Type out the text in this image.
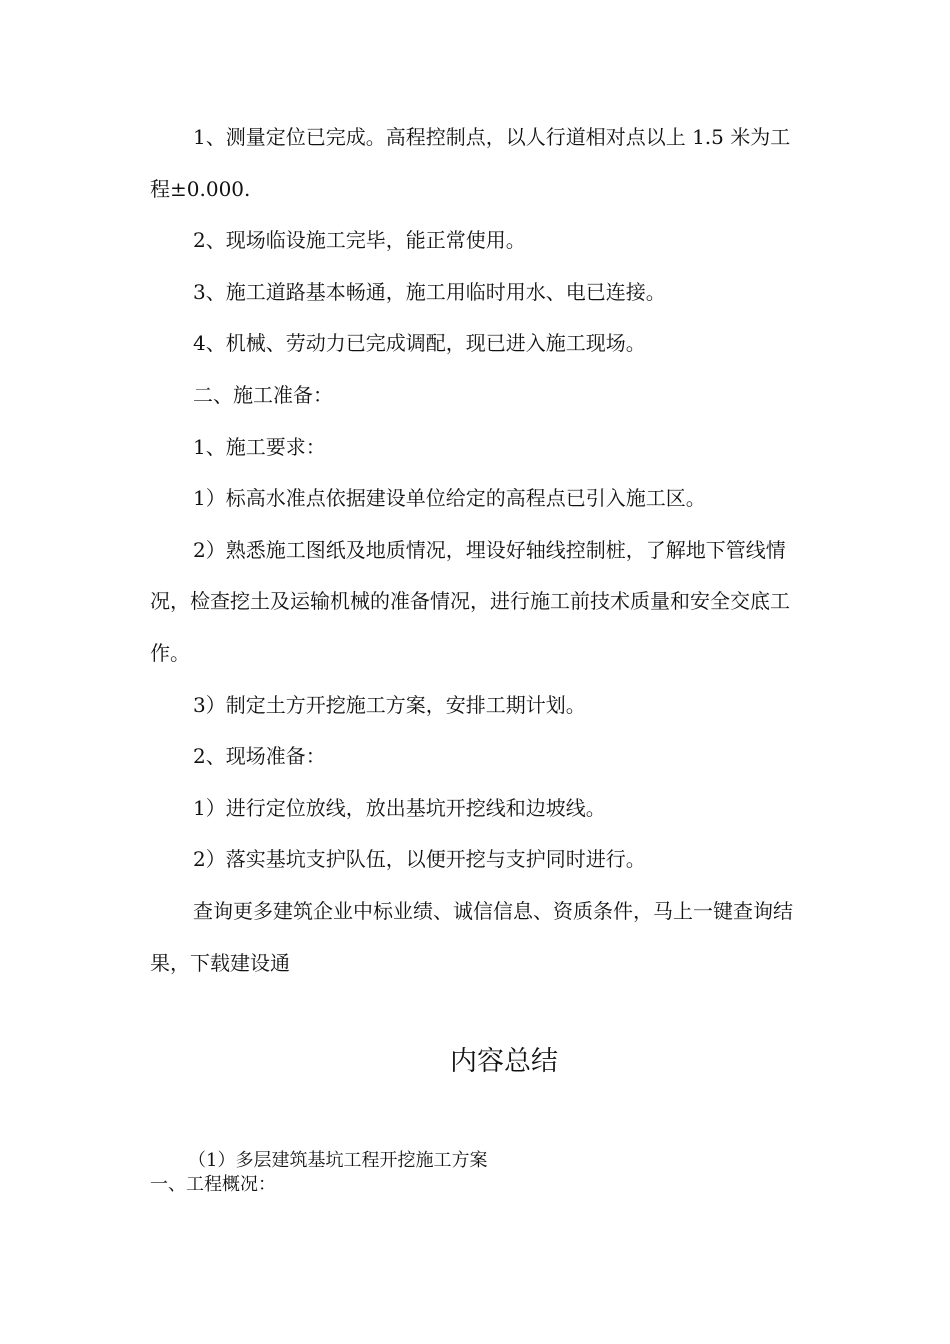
1、测量定位已完成。高程控制点，以人行道相对点以上 1.5 米为工程±0.000.

2、现场临设施工完毕，能正常使用。

3、施工道路基本畅通，施工用临时用水、电已连接。

4、机械、劳动力已完成调配，现已进入施工现场。

二、施工准备：

1、施工要求：

1）标高水准点依据建设单位给定的高程点已引入施工区。

2）熟悉施工图纸及地质情况，埋设好轴线控制桩，了解地下管线情况，检查挖土及运输机械的准备情况，进行施工前技术质量和安全交底工作。

3）制定土方开挖施工方案，安排工期计划。

2、现场准备：

1）进行定位放线，放出基坑开挖线和边坡线。

2）落实基坑支护队伍，以便开挖与支护同时进行。

查询更多建筑企业中标业绩、诚信信息、资质条件，马上一键查询结果，下载建设通

内容总结
（1）多层建筑基坑工程开挖施工方案
一、工程概况：
